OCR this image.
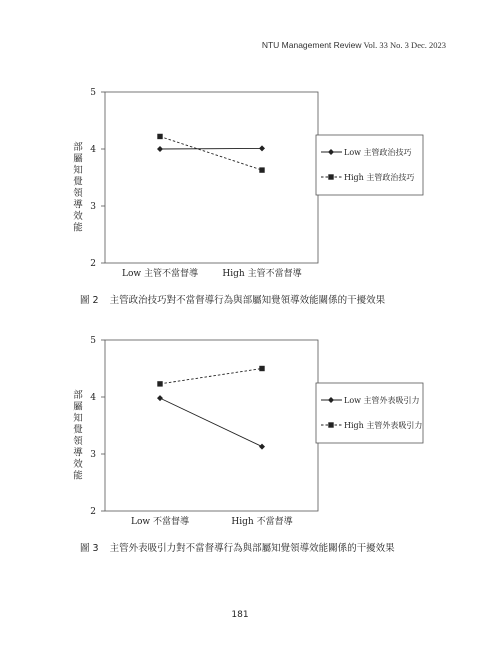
NTU Management Review Vol. 33 No. 3 Dec. 2023
2
3
4
5
Low 主管不當督導	High 主管不當督導
部屬知覺領導效能
Low 主管政治技巧
High 主管政治技巧
圖 2 主管政治技巧對不當督導行為與部屬知覺領導效能關係的干擾效果
2
3
4
5
Low 不當督導	High 不當督導
部屬知覺領導效能
Low 主管外表吸引力
High 主管外表吸引力
圖 3 主管外表吸引力對不當督導行為與部屬知覺領導效能關係的干擾效果
181
